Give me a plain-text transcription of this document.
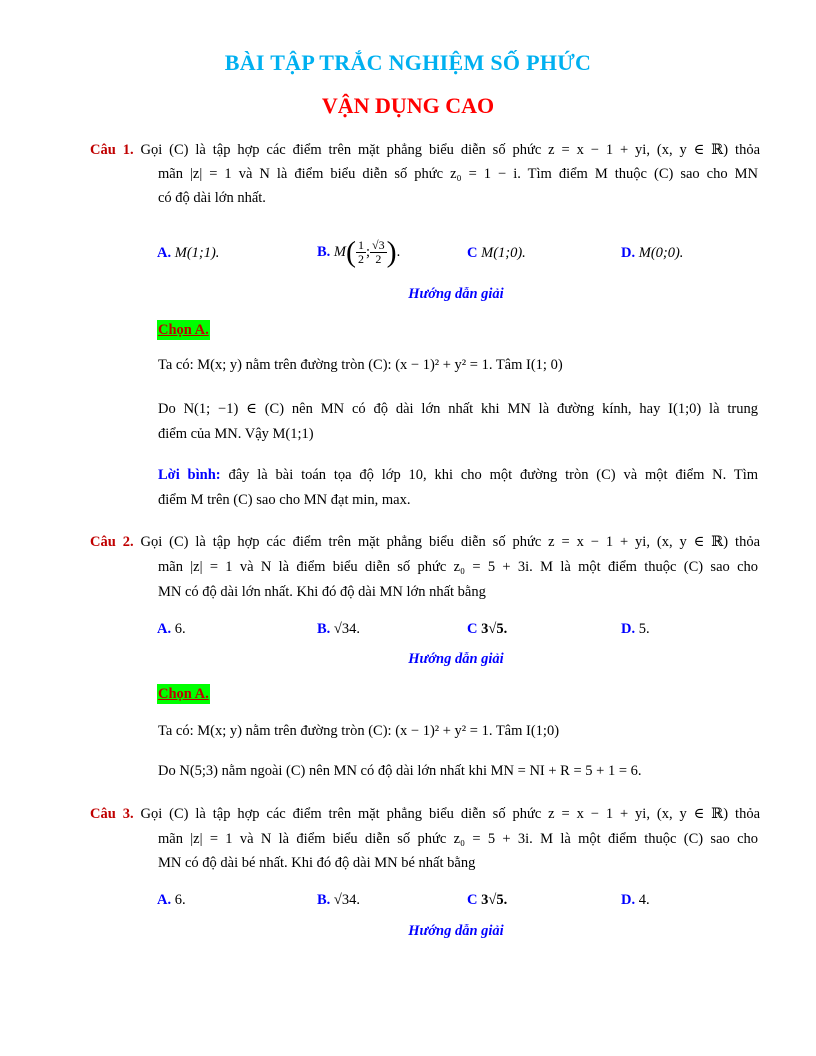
BÀI TẬP TRẮC NGHIỆM SỐ PHỨC
VẬN DỤNG CAO
Câu 1. Gọi (C) là tập hợp các điểm trên mặt phẳng biểu diễn số phức z = x − 1 + yi, (x, y ∈ ℝ) thỏa
mãn |z| = 1 và N là điểm biểu diễn số phức z₀ = 1 − i. Tìm điểm M thuộc (C) sao cho MN
có độ dài lớn nhất.
A. M(1;1).	B. $M( \frac{1}{2}$ ; $\frac{√3}{2}$ ).	C M(1;0).	D. M(0;0).
Hướng dẫn giải
Chọn A.
Ta có: M(x; y) nằm trên đường tròn (C): (x − 1)² + y² = 1. Tâm I(1; 0)
Do N(1; −1) ∈ (C) nên MN có độ dài lớn nhất khi MN là đường kính, hay I(1;0) là trung
điểm của MN. Vậy M(1;1)
Lời bình: đây là bài toán tọa độ lớp 10, khi cho một đường tròn (C) và một điểm N. Tìm
điểm M trên (C) sao cho MN đạt min, max.
Câu 2. Gọi (C) là tập hợp các điểm trên mặt phẳng biểu diễn số phức z = x − 1 + yi, (x, y ∈ ℝ) thỏa
mãn |z| = 1 và N là điểm biểu diễn số phức z₀ = 5 + 3i. M là một điểm thuộc (C) sao cho
MN có độ dài lớn nhất. Khi đó độ dài MN lớn nhất bằng
A. 6.	B. √34.	C 3√5.	D. 5.
Hướng dẫn giải
Chọn A.
Ta có: M(x; y) nằm trên đường tròn (C): (x − 1)² + y² = 1. Tâm I(1;0)
Do N(5;3) nằm ngoài (C) nên MN có độ dài lớn nhất khi MN = NI + R = 5 + 1 = 6.
Câu 3. Gọi (C) là tập hợp các điểm trên mặt phẳng biểu diễn số phức z = x − 1 + yi, (x, y ∈ ℝ) thỏa
mãn |z| = 1 và N là điểm biểu diễn số phức z₀ = 5 + 3i. M là một điểm thuộc (C) sao cho
MN có độ dài bé nhất. Khi đó độ dài MN bé nhất bằng
A. 6.	B. √34.	C 3√5.	D. 4.
Hướng dẫn giải
